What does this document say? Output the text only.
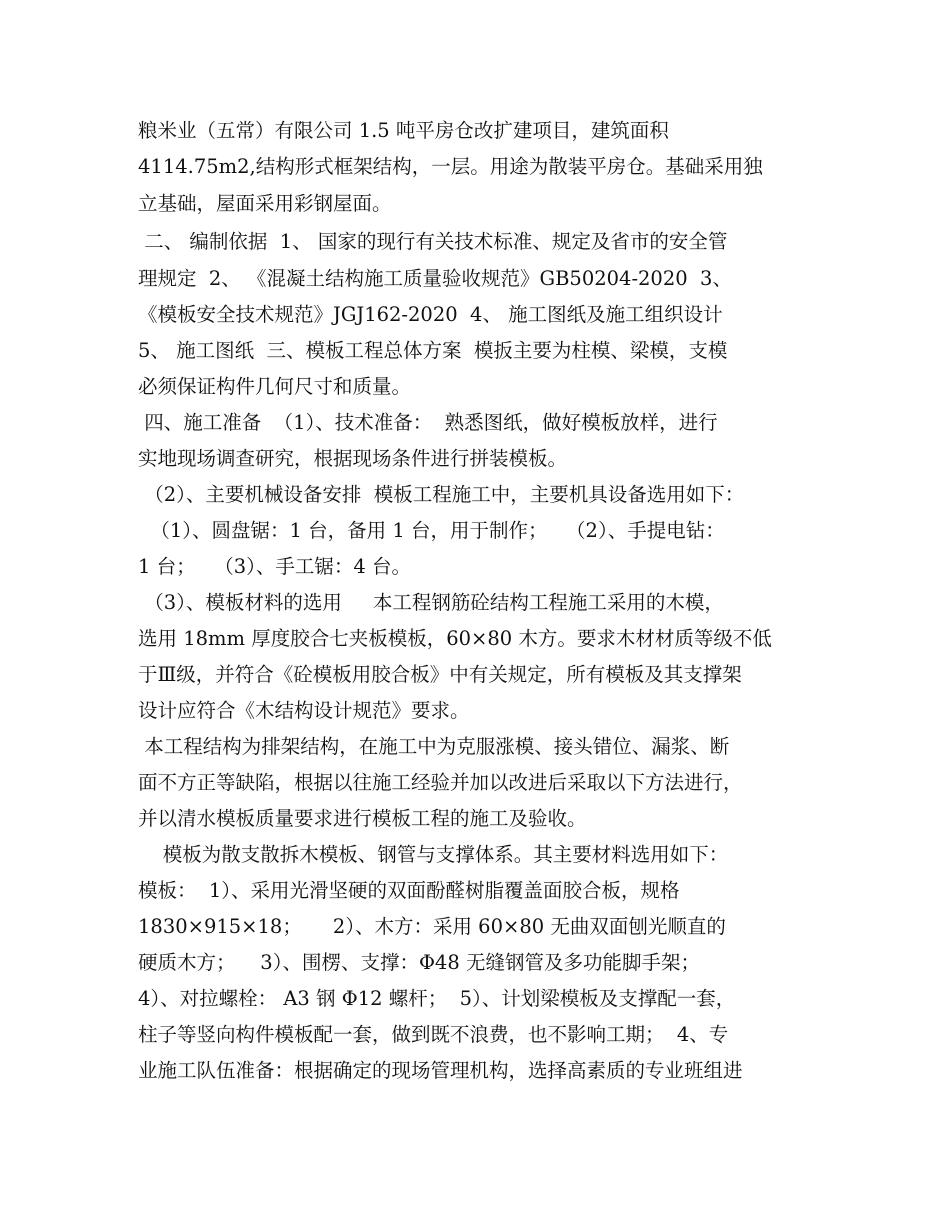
粮米业（五常）有限公司 1.5 吨平房仓改扩建项目，建筑面积

4114.75m2,结构形式框架结构，一层。用途为散装平房仓。基础采用独

立基础，屋面采用彩钢屋面。

二、 编制依据  1、 国家的现行有关技术标准、规定及省市的安全管

理规定  2、 《混凝土结构施工质量验收规范》GB50204-2020  3、

《模板安全技术规范》JGJ162-2020  4、 施工图纸及施工组织设计

5、 施工图纸  三、模板工程总体方案  模扳主要为柱模、梁模，支模

必须保证构件几何尺寸和质量。

四、施工准备  （1）、技术准备：  熟悉图纸，做好模板放样，进行

实地现场调查研究，根据现场条件进行拼装模板。

（2）、主要机械设备安排  模板工程施工中，主要机具设备选用如下：

（1）、圆盘锯：1 台，备用 1 台，用于制作；   （2）、手提电钻：

1 台；   （3）、手工锯：4 台。

（3）、模板材料的选用     本工程钢筋砼结构工程施工采用的木模，

选用 18mm 厚度胶合七夹板模板，60×80 木方。要求木材材质等级不低

于Ⅲ级，并符合《砼模板用胶合板》中有关规定，所有模板及其支撑架

设计应符合《木结构设计规范》要求。

本工程结构为排架结构，在施工中为克服涨模、接头错位、漏浆、断

面不方正等缺陷，根据以往施工经验并加以改进后采取以下方法进行，

并以清水模板质量要求进行模板工程的施工及验收。

模板为散支散拆木模板、钢管与支撑体系。其主要材料选用如下：

模板：  1）、采用光滑坚硬的双面酚醛树脂覆盖面胶合板，规格

1830×915×18；     2）、木方：采用 60×80 无曲双面刨光顺直的

硬质木方；    3）、围楞、支撑：Φ48 无缝钢管及多功能脚手架；

4）、对拉螺栓： A3 钢 Φ12 螺杆；  5）、计划梁模板及支撑配一套，

柱子等竖向构件模板配一套，做到既不浪费，也不影响工期；  4、专

业施工队伍准备：根据确定的现场管理机构，选择高素质的专业班组进
